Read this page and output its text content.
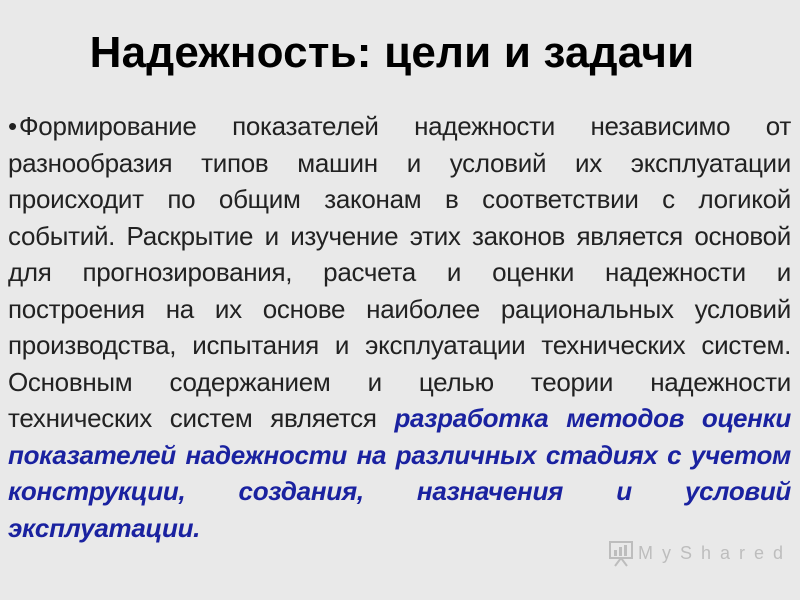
Надежность: цели и задачи
•Формирование показателей надежности независимо от разнообразия типов машин и условий их эксплуатации происходит по общим законам в соответствии с логикой событий. Раскрытие и изучение этих законов является основой для прогнозирования, расчета и оценки надежности и построения на их основе наиболее рациональных условий производства, испытания и эксплуатации технических систем. Основным содержанием и целью теории надежности технических систем является разработка методов оценки показателей надежности на различных стадиях с учетом конструкции, создания, назначения и условий эксплуатации.
MyShared
